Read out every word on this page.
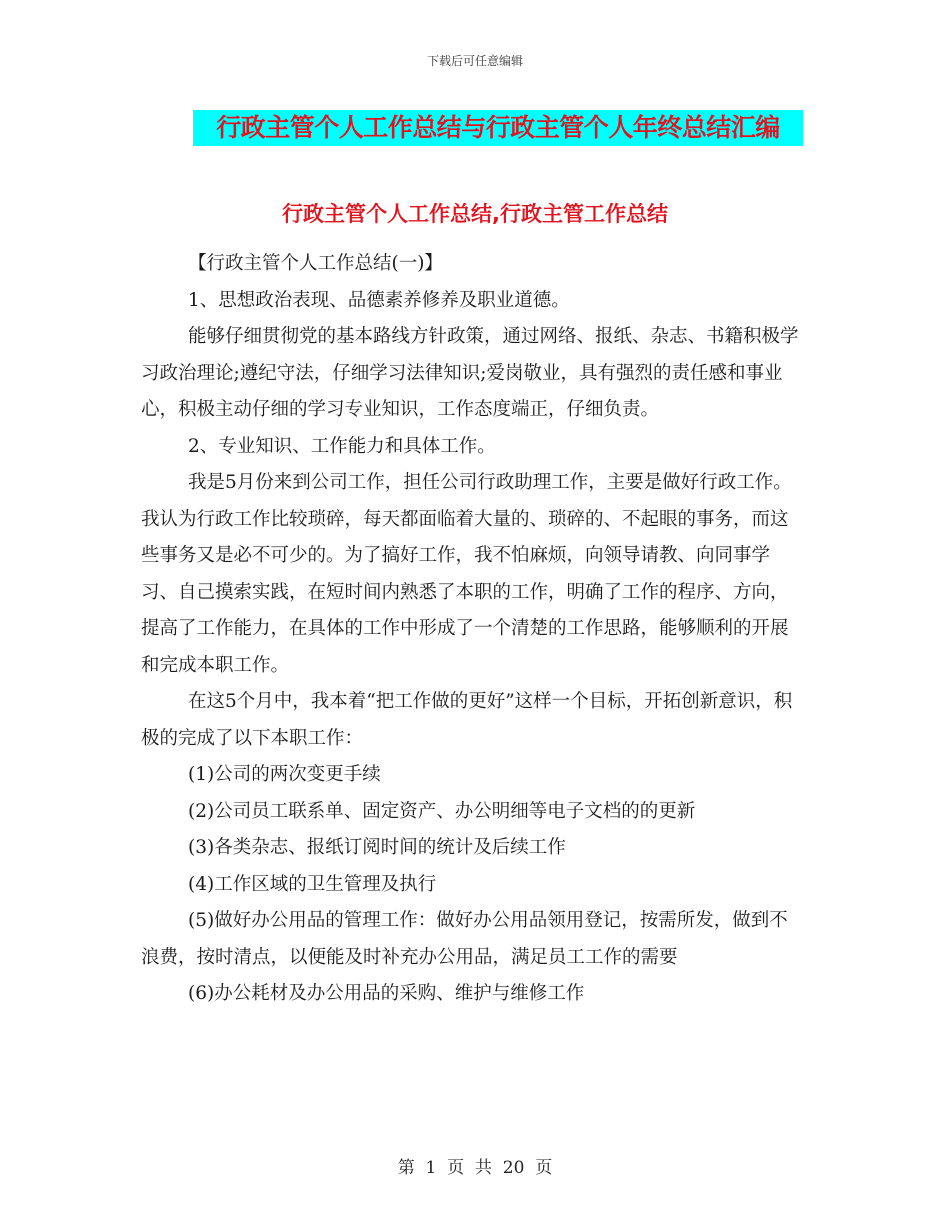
下载后可任意编辑
行政主管个人工作总结与行政主管个人年终总结汇编
行政主管个人工作总结,行政主管工作总结

【行政主管个人工作总结(一)】

1、思想政治表现、品德素养修养及职业道德。

能够仔细贯彻党的基本路线方针政策，通过网络、报纸、杂志、书籍积极学习政治理论;遵纪守法，仔细学习法律知识;爱岗敬业，具有强烈的责任感和事业心，积极主动仔细的学习专业知识，工作态度端正，仔细负责。

2、专业知识、工作能力和具体工作。

我是5月份来到公司工作，担任公司行政助理工作，主要是做好行政工作。我认为行政工作比较琐碎，每天都面临着大量的、琐碎的、不起眼的事务，而这些事务又是必不可少的。为了搞好工作，我不怕麻烦，向领导请教、向同事学习、自己摸索实践，在短时间内熟悉了本职的工作，明确了工作的程序、方向，提高了工作能力，在具体的工作中形成了一个清楚的工作思路，能够顺利的开展和完成本职工作。

在这5个月中，我本着“把工作做的更好”这样一个目标，开拓创新意识，积极的完成了以下本职工作：

(1)公司的两次变更手续

(2)公司员工联系单、固定资产、办公明细等电子文档的的更新

(3)各类杂志、报纸订阅时间的统计及后续工作

(4)工作区域的卫生管理及执行

(5)做好办公用品的管理工作：做好办公用品领用登记，按需所发，做到不浪费，按时清点，以便能及时补充办公用品，满足员工工作的需要

(6)办公耗材及办公用品的采购、维护与维修工作

第  1  页  共  20  页
